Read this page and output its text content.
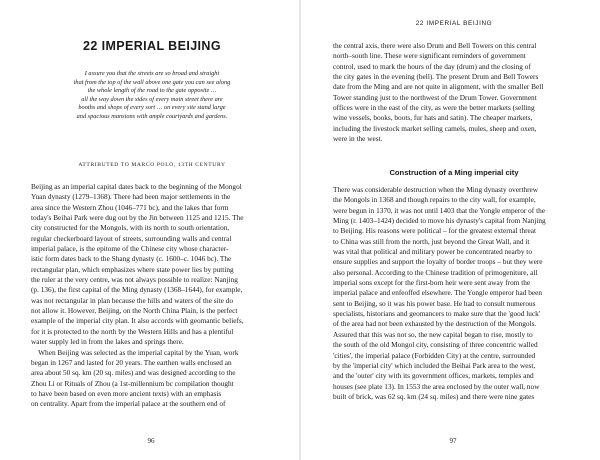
22 IMPERIAL BEIJING

I assure you that the streets are so broad and straight
that from the top of the wall above one gate you can see along
the whole length of the road to the gate opposite …
all the way down the sides of every main street there are
booths and shops of every sort … on every site stand large
and spacious mansions with ample courtyards and gardens.

ATTRIBUTED TO MARCO POLO, 13TH CENTURY

Beijing as an imperial capital dates back to the beginning of the Mongol
Yuan dynasty (1279–1368). There had been major settlements in the
area since the Western Zhou (1046–771 bc), and the lakes that form
today's Beihai Park were dug out by the Jin between 1125 and 1215. The
city constructed for the Mongols, with its north to south orientation,
regular checkerboard layout of streets, surrounding walls and central
imperial palace, is the epitome of the Chinese city whose character-
istic form dates back to the Shang dynasty (c. 1600–c. 1046 bc). The
rectangular plan, which emphasizes where state power lies by putting
the ruler at the very centre, was not always possible to realize: Nanjing
(p. 136), the first capital of the Ming dynasty (1368–1644), for example,
was not rectangular in plan because the hills and waters of the site do
not allow it. However, Beijing, on the North China Plain, is the perfect
example of the imperial city plan. It also accords with geomantic beliefs,
for it is protected to the north by the Western Hills and has a plentiful
water supply led in from the lakes and springs there.
When Beijing was selected as the imperial capital by the Yuan, work
began in 1267 and lasted for 20 years. The earthen walls enclosed an
area about 50 sq. km (20 sq. miles) and was designed according to the
Zhou Li or Rituals of Zhou (a 1st-millennium bc compilation thought
to have been based on even more ancient texts) with an emphasis
on centrality. Apart from the imperial palace at the southern end of

96

22 IMPERIAL BEIJING

the central axis, there were also Drum and Bell Towers on this central
north–south line. These were significant reminders of government
control, used to mark the hours of the day (drum) and the closing of
the city gates in the evening (bell). The present Drum and Bell Towers
date from the Ming and are not quite in alignment, with the smaller Bell
Tower standing just to the northwest of the Drum Tower. Government
offices were in the east of the city, as were the better markets (selling
wine vessels, books, boots, fur hats and satin). The cheaper markets,
including the livestock market selling camels, mules, sheep and oxen,
were in the west.
Construction of a Ming imperial city
There was considerable destruction when the Ming dynasty overthrew
the Mongols in 1368 and though repairs to the city wall, for example,
were begun in 1370, it was not until 1403 that the Yongle emperor of the
Ming (r. 1403–1424) decided to move his dynasty's capital from Nanjing
to Beijing. His reasons were political – for the greatest external threat
to China was still from the north, just beyond the Great Wall, and it
was vital that political and military power be concentrated nearby to
ensure supplies and support the loyalty of border troops – but they were
also personal. According to the Chinese tradition of primogeniture, all
imperial sons except for the first-born heir were sent away from the
imperial palace and enfeoffed elsewhere. The Yongle emperor had been
sent to Beijing, so it was his power base. He had to consult numerous
specialists, historians and geomancers to make sure that the 'good luck'
of the area had not been exhausted by the destruction of the Mongols.
Assured that this was not so, the new capital began to rise, mostly to
the south of the old Mongol city, consisting of three concentric walled
'cities', the imperial palace (Forbidden City) at the centre, surrounded
by the 'imperial city' which included the Beihai Park area to the west,
and the 'outer' city with its government offices, markets, temples and
houses (see plate 13). In 1553 the area enclosed by the outer wall, now
built of brick, was 62 sq. km (24 sq. miles) and there were nine gates

97
